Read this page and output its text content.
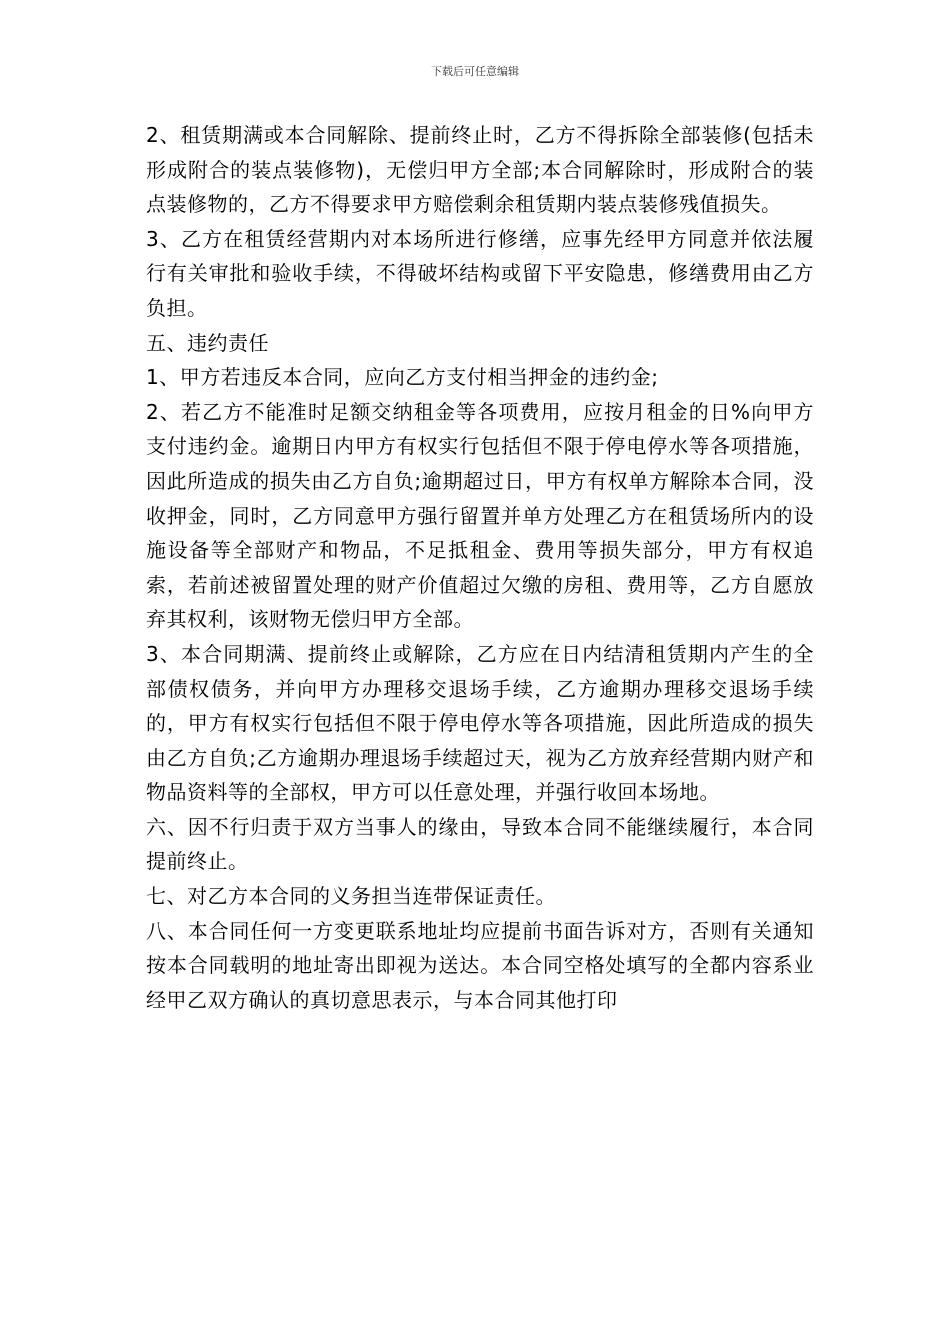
下载后可任意编辑

2、租赁期满或本合同解除、提前终止时，乙方不得拆除全部装修(包括未形成附合的装点装修物)，无偿归甲方全部;本合同解除时，形成附合的装点装修物的，乙方不得要求甲方赔偿剩余租赁期内装点装修残值损失。

3、乙方在租赁经营期内对本场所进行修缮，应事先经甲方同意并依法履行有关审批和验收手续，不得破坏结构或留下平安隐患，修缮费用由乙方负担。

五、违约责任

1、甲方若违反本合同，应向乙方支付相当押金的违约金;

2、若乙方不能准时足额交纳租金等各项费用，应按月租金的日%向甲方支付违约金。逾期日内甲方有权实行包括但不限于停电停水等各项措施，因此所造成的损失由乙方自负;逾期超过日，甲方有权单方解除本合同，没收押金，同时，乙方同意甲方强行留置并单方处理乙方在租赁场所内的设施设备等全部财产和物品，不足抵租金、费用等损失部分，甲方有权追索，若前述被留置处理的财产价值超过欠缴的房租、费用等，乙方自愿放弃其权利，该财物无偿归甲方全部。

3、本合同期满、提前终止或解除，乙方应在日内结清租赁期内产生的全部债权债务，并向甲方办理移交退场手续，乙方逾期办理移交退场手续的，甲方有权实行包括但不限于停电停水等各项措施，因此所造成的损失由乙方自负;乙方逾期办理退场手续超过天，视为乙方放弃经营期内财产和物品资料等的全部权，甲方可以任意处理，并强行收回本场地。

六、因不行归责于双方当事人的缘由，导致本合同不能继续履行，本合同提前终止。

七、对乙方本合同的义务担当连带保证责任。

八、本合同任何一方变更联系地址均应提前书面告诉对方，否则有关通知按本合同载明的地址寄出即视为送达。本合同空格处填写的全都内容系业经甲乙双方确认的真切意思表示，与本合同其他打印
